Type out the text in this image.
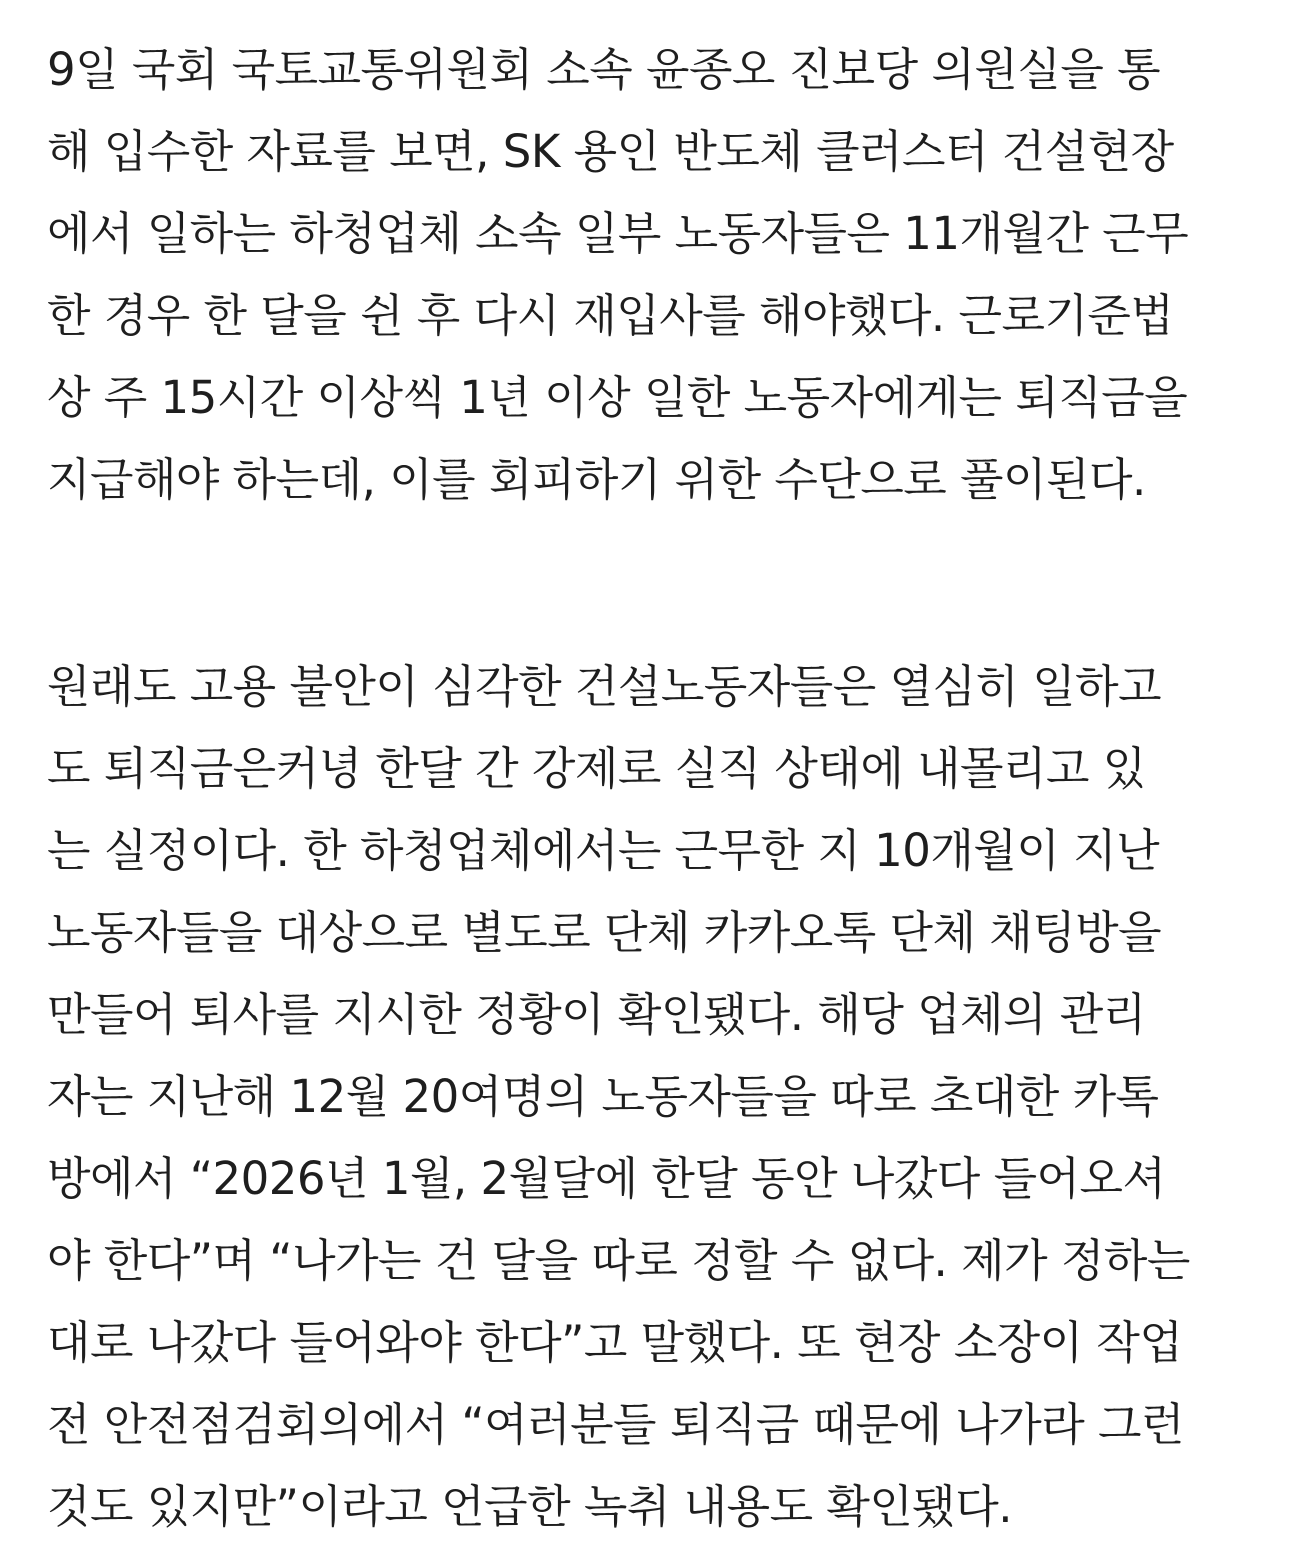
9일 국회 국토교통위원회 소속 윤종오 진보당 의원실을 통
해 입수한 자료를 보면, SK 용인 반도체 클러스터 건설현장
에서 일하는 하청업체 소속 일부 노동자들은 11개월간 근무
한 경우 한 달을 쉰 후 다시 재입사를 해야했다. 근로기준법
상 주 15시간 이상씩 1년 이상 일한 노동자에게는 퇴직금을
지급해야 하는데, 이를 회피하기 위한 수단으로 풀이된다.

원래도 고용 불안이 심각한 건설노동자들은 열심히 일하고
도 퇴직금은커녕 한달 간 강제로 실직 상태에 내몰리고 있
는 실정이다. 한 하청업체에서는 근무한 지 10개월이 지난
노동자들을 대상으로 별도로 단체 카카오톡 단체 채팅방을
만들어 퇴사를 지시한 정황이 확인됐다. 해당 업체의 관리
자는 지난해 12월 20여명의 노동자들을 따로 초대한 카톡
방에서 “2026년 1월, 2월달에 한달 동안 나갔다 들어오셔
야 한다”며 “나가는 건 달을 따로 정할 수 없다. 제가 정하는
대로 나갔다 들어와야 한다”고 말했다. 또 현장 소장이 작업
전 안전점검회의에서 “여러분들 퇴직금 때문에 나가라 그런
것도 있지만”이라고 언급한 녹취 내용도 확인됐다.
